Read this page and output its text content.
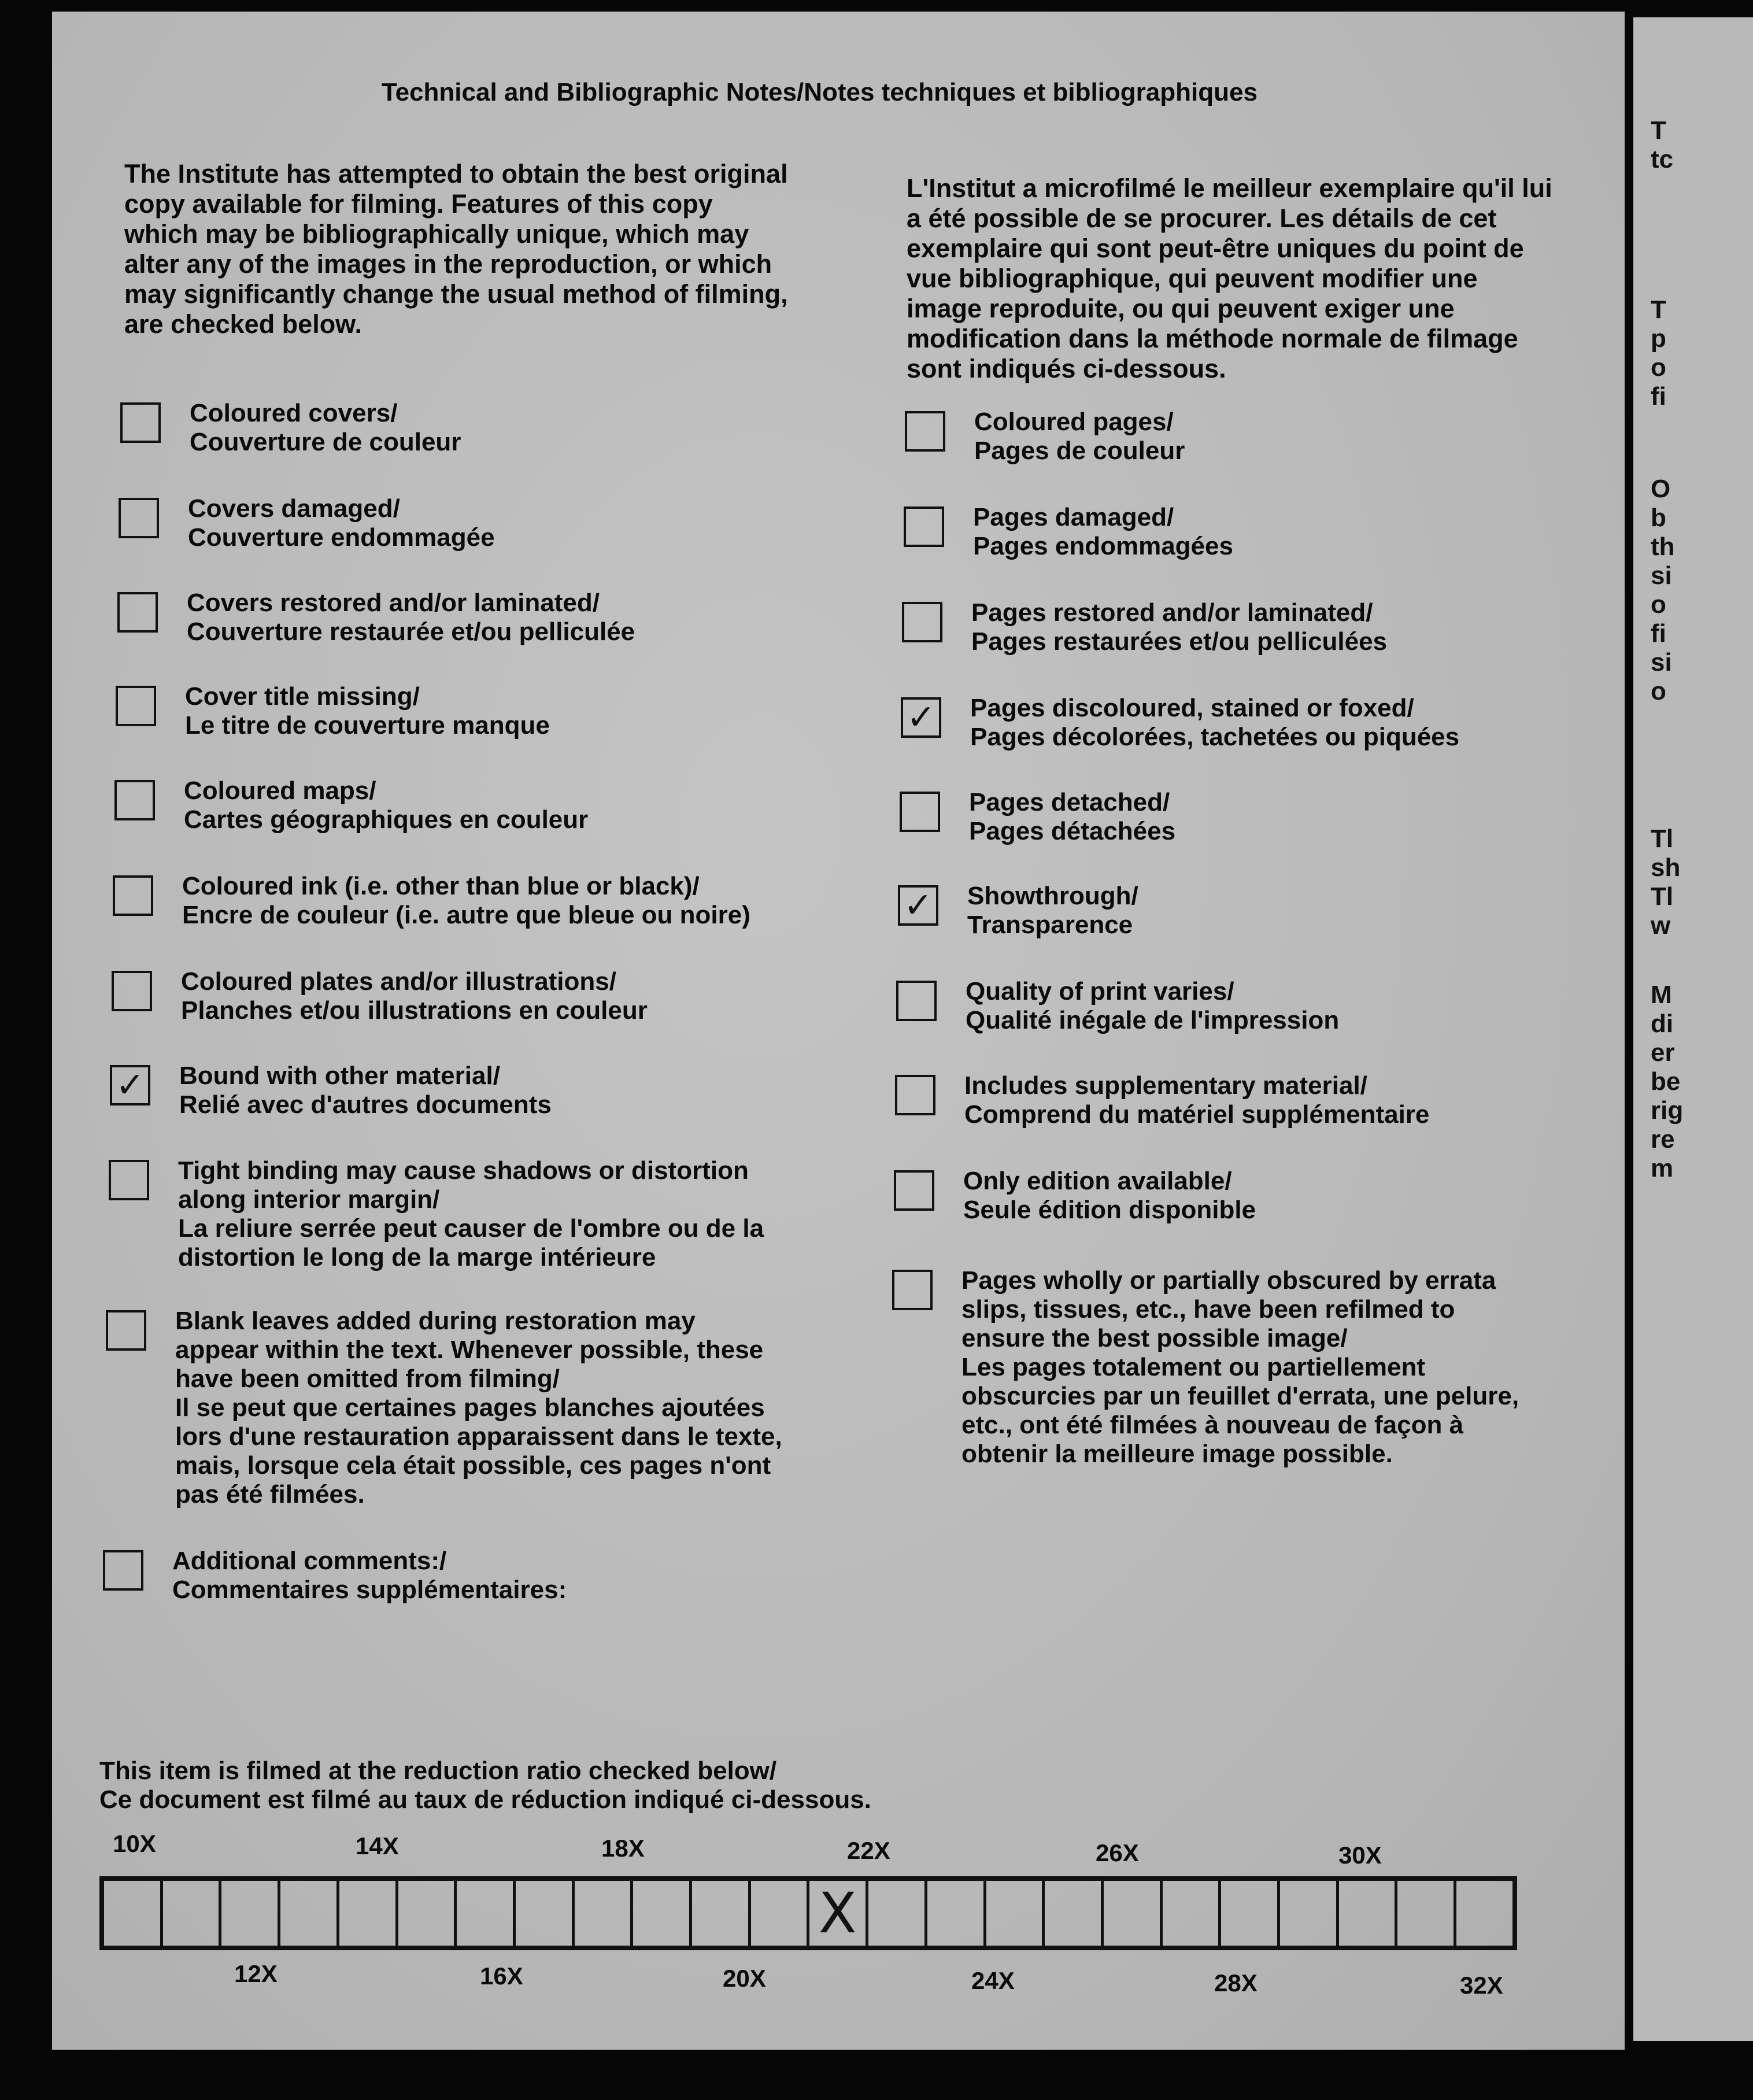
T
tc
T
p
o
fi
O
b
th
si
o
fi
si
o
Tl
sh
Tl
w
M
di
er
be
rig
re
m
Technical and Bibliographic Notes/Notes techniques et bibliographiques
The Institute has attempted to obtain the best original copy available for filming. Features of this copy which may be bibliographically unique, which may alter any of the images in the reproduction, or which may significantly change the usual method of filming, are checked below.
L'Institut a microfilmé le meilleur exemplaire qu'il lui a été possible de se procurer. Les détails de cet exemplaire qui sont peut-être uniques du point de vue bibliographique, qui peuvent modifier une image reproduite, ou qui peuvent exiger une modification dans la méthode normale de filmage sont indiqués ci-dessous.
Coloured covers/
Couverture de couleur
Covers damaged/
Couverture endommagée
Covers restored and/or laminated/
Couverture restaurée et/ou pelliculée
Cover title missing/
Le titre de couverture manque
Coloured maps/
Cartes géographiques en couleur
Coloured ink (i.e. other than blue or black)/
Encre de couleur (i.e. autre que bleue ou noire)
Coloured plates and/or illustrations/
Planches et/ou illustrations en couleur
✓ Bound with other material/
Relié avec d'autres documents
Tight binding may cause shadows or distortion
along interior margin/
La reliure serrée peut causer de l'ombre ou de la
distortion le long de la marge intérieure
Blank leaves added during restoration may
appear within the text. Whenever possible, these
have been omitted from filming/
Il se peut que certaines pages blanches ajoutées
lors d'une restauration apparaissent dans le texte,
mais, lorsque cela était possible, ces pages n'ont
pas été filmées.
Additional comments:/
Commentaires supplémentaires:
Coloured pages/
Pages de couleur
Pages damaged/
Pages endommagées
Pages restored and/or laminated/
Pages restaurées et/ou pelliculées
✓ Pages discoloured, stained or foxed/
Pages décolorées, tachetées ou piquées
Pages detached/
Pages détachées
✓ Showthrough/
Transparence
Quality of print varies/
Qualité inégale de l'impression
Includes supplementary material/
Comprend du matériel supplémentaire
Only edition available/
Seule édition disponible
Pages wholly or partially obscured by errata
slips, tissues, etc., have been refilmed to
ensure the best possible image/
Les pages totalement ou partiellement
obscurcies par un feuillet d'errata, une pelure,
etc., ont été filmées à nouveau de façon à
obtenir la meilleure image possible.
This item is filmed at the reduction ratio checked below/
Ce document est filmé au taux de réduction indiqué ci-dessous.
10X	14X	18X	22X	26X	30X
12X	16X	20X	24X	28X	32X
X
